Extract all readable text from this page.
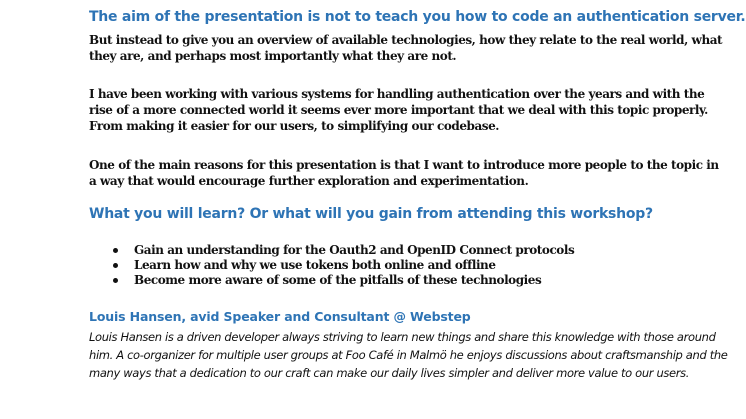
The aim of the presentation is not to teach you how to code an authentication server.

But instead to give you an overview of available technologies, how they relate to the real world, what they are, and perhaps most importantly what they are not.

I have been working with various systems for handling authentication over the years and with the rise of a more connected world it seems ever more important that we deal with this topic properly. From making it easier for our users, to simplifying our codebase.

One of the main reasons for this presentation is that I want to introduce more people to the topic in a way that would encourage further exploration and experimentation.

What you will learn? Or what will you gain from attending this workshop?
Gain an understanding for the Oauth2 and OpenID Connect protocols
Learn how and why we use tokens both online and offline
Become more aware of some of the pitfalls of these technologies
Louis Hansen, avid Speaker and Consultant @ Webstep

Louis Hansen is a driven developer always striving to learn new things and share this knowledge with those around him. A co-organizer for multiple user groups at Foo Café in Malmö he enjoys discussions about craftsmanship and the many ways that a dedication to our craft can make our daily lives simpler and deliver more value to our users.
